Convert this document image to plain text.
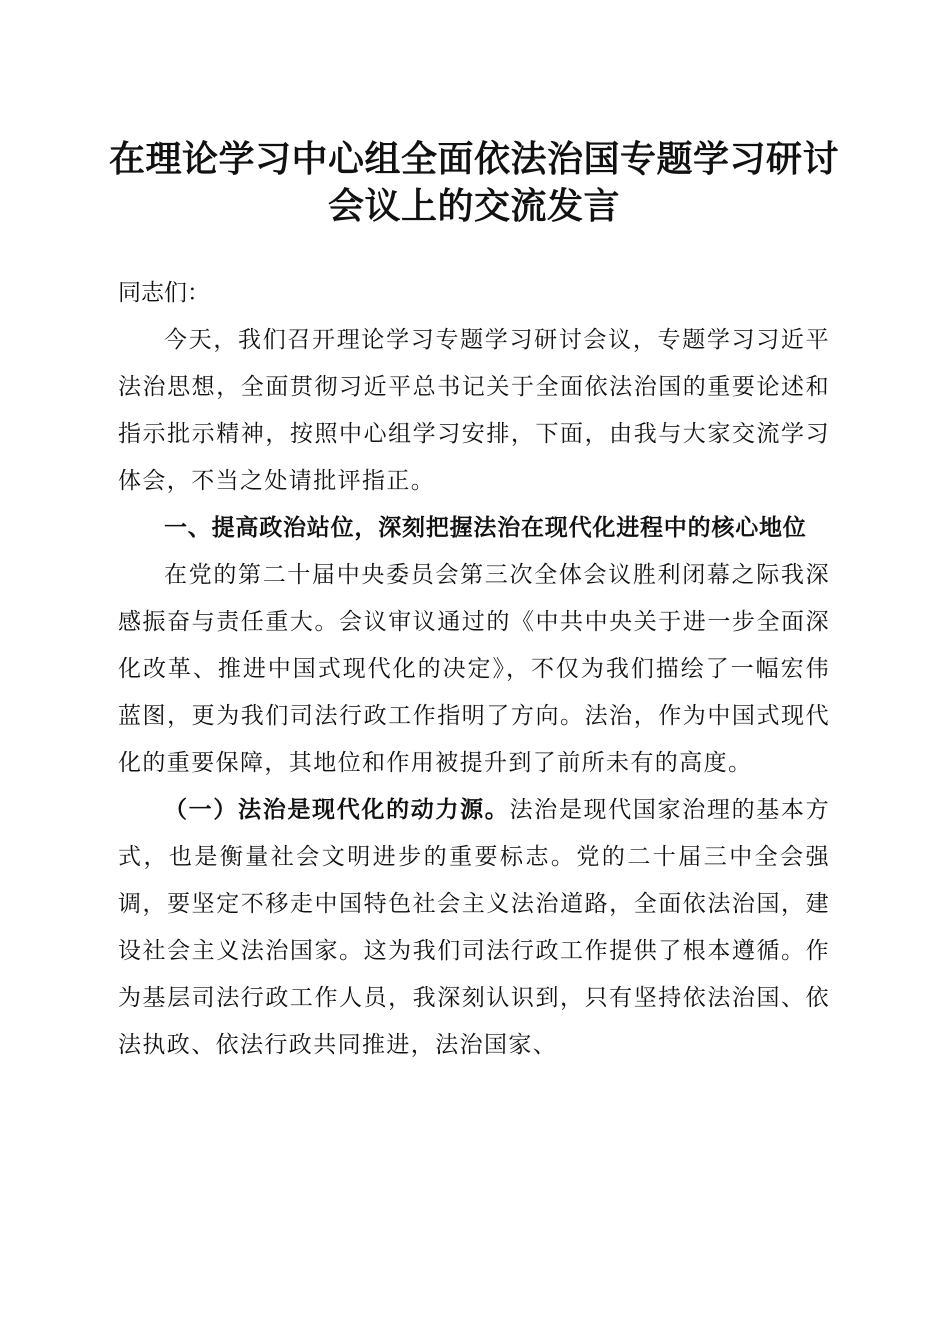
在理论学习中心组全面依法治国专题学习研讨
会议上的交流发言
同志们：

今天，我们召开理论学习专题学习研讨会议，专题学习习近平法治思想，全面贯彻习近平总书记关于全面依法治国的重要论述和指示批示精神，按照中心组学习安排，下面，由我与大家交流学习体会，不当之处请批评指正。

一、提高政治站位，深刻把握法治在现代化进程中的核心地位

在党的第二十届中央委员会第三次全体会议胜利闭幕之际我深感振奋与责任重大。会议审议通过的《中共中央关于进一步全面深化改革、推进中国式现代化的决定》，不仅为我们描绘了一幅宏伟蓝图，更为我们司法行政工作指明了方向。法治，作为中国式现代化的重要保障，其地位和作用被提升到了前所未有的高度。

（一）法治是现代化的动力源。法治是现代国家治理的基本方式，也是衡量社会文明进步的重要标志。党的二十届三中全会强调，要坚定不移走中国特色社会主义法治道路，全面依法治国，建设社会主义法治国家。这为我们司法行政工作提供了根本遵循。作为基层司法行政工作人员，我深刻认识到，只有坚持依法治国、依法执政、依法行政共同推进，法治国家、
